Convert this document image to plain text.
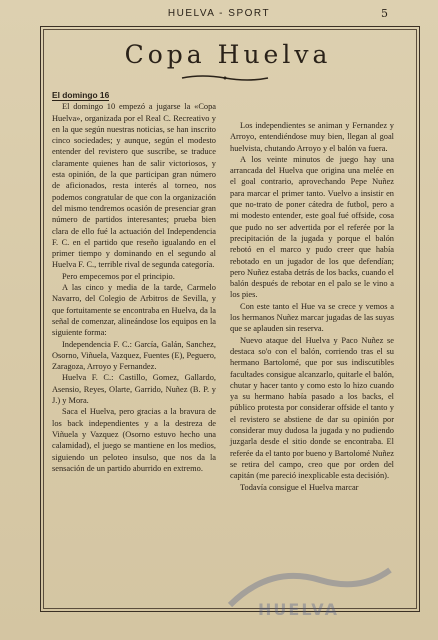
HUELVA - SPORT	5
Copa Huelva

El domingo 16

El domingo 10 empezó a jugarse la «Copa Huelva», organizada por el Real C. Recreativo y en la que según nuestras noticias, se han inscrito cinco sociedades; y aunque, según el modesto entender del revistero que suscribe, se traduce claramente quienes han de salir victoriosos, y esta opinión, de la que participan gran número de aficionados, resta interés al torneo, nos podemos congratular de que con la organización del mismo tendremos ocasión de presenciar gran número de partidos interesantes; prueba bien clara de ello fué la actuación del Independencia F. C. en el partido que reseño igualando en el primer tiempo y dominando en el segundo al Huelva F. C., terrible rival de segunda categoría.

Pero empecemos por el principio.

A las cinco y media de la tarde, Carmelo Navarro, del Colegio de Arbitros de Sevilla, y que fortuitamente se encontraba en Huelva, da la señal de comenzar, alineándose los equipos en la siguiente forma:

Independencia F. C.: García, Galán, Sanchez, Osorno, Viñuela, Vazquez, Fuentes (E), Peguero, Zaragoza, Arroyo y Fernandez.

Huelva F. C.: Castillo, Gomez, Gallardo, Asensio, Reyes, Olarte, Garrido, Nuñez (B. P. y J.) y Mora.

Saca el Huelva, pero gracias a la bravura de los back independientes y a la destreza de Viñuela y Vazquez (Osorno estuvo hecho una calamidad), el juego se mantiene en los medios, siguiendo un peloteo insulso, que nos da la sensación de un partido aburrido en extremo.

Los independientes se animan y Fernandez y Arroyo, entendiéndose muy bien, llegan al goal huelvista, chutando Arroyo y el balón va fuera.

A los veinte minutos de juego hay una arrancada del Huelva que origina una melée en el goal contrario, aprovechando Pepe Nuñez para marcar el primer tanto. Vuelvo a insistir en que no-trato de poner cátedra de futbol, pero a mi modesto entender, este goal fué offside, cosa que pudo no ser advertida por el referée por la precipitación de la jugada y porque el balón rebotó en el marco y pudo creer que había rebotado en un jugador de los que defendían; pero Nuñez estaba detrás de los backs, cuando el balón después de rebotar en el palo se le vino a los pies.

Con este tanto el Hue va se crece y vemos a los hermanos Nuñez marcar jugadas de las suyas que se aplauden sin reserva.

Nuevo ataque del Huelva y Paco Nuñez se destaca so'o con el balón, corriendo tras el su hermano Bartolomé, que por sus indiscutibles facultades consigue alcanzarlo, quitarle el balón, chutar y hacer tanto y como esto lo hizo cuando ya su hermano había pasado a los backs, el público protesta por considerar offside el tanto y el revistero se abstiene de dar su opinión por considerar muy dudosa la jugada y no pudiendo juzgarla desde el sitio donde se encontraba. El referée da el tanto por bueno y Bartolomé Nuñez se retira del campo, creo que por orden del capitán (me pareció inexplicable esta decisión).

Todavía consigue el Huelva marcar

HUELVA
